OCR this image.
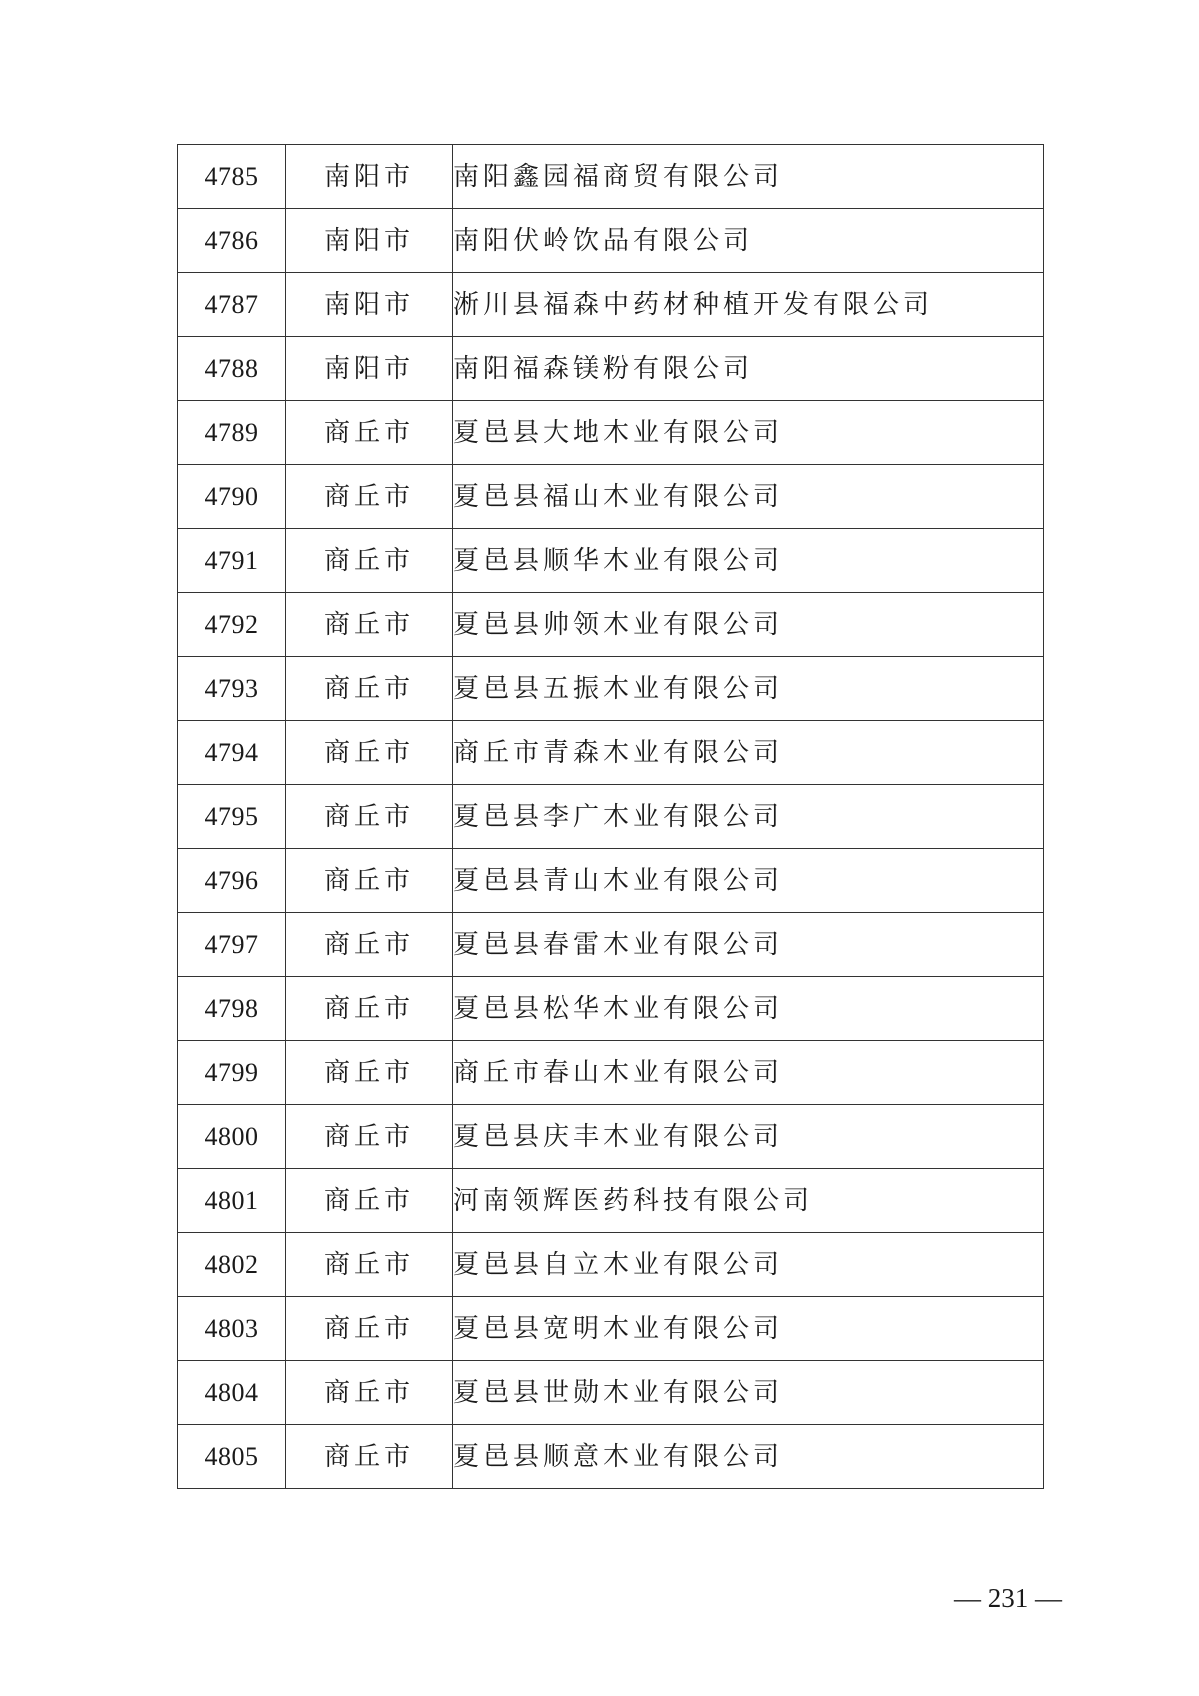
4785	南阳市	南阳鑫园福商贸有限公司
4786	南阳市	南阳伏岭饮品有限公司
4787	南阳市	淅川县福森中药材种植开发有限公司
4788	南阳市	南阳福森镁粉有限公司
4789	商丘市	夏邑县大地木业有限公司
4790	商丘市	夏邑县福山木业有限公司
4791	商丘市	夏邑县顺华木业有限公司
4792	商丘市	夏邑县帅领木业有限公司
4793	商丘市	夏邑县五振木业有限公司
4794	商丘市	商丘市青森木业有限公司
4795	商丘市	夏邑县李广木业有限公司
4796	商丘市	夏邑县青山木业有限公司
4797	商丘市	夏邑县春雷木业有限公司
4798	商丘市	夏邑县松华木业有限公司
4799	商丘市	商丘市春山木业有限公司
4800	商丘市	夏邑县庆丰木业有限公司
4801	商丘市	河南领辉医药科技有限公司
4802	商丘市	夏邑县自立木业有限公司
4803	商丘市	夏邑县宽明木业有限公司
4804	商丘市	夏邑县世勋木业有限公司
4805	商丘市	夏邑县顺意木业有限公司
— 231 —
